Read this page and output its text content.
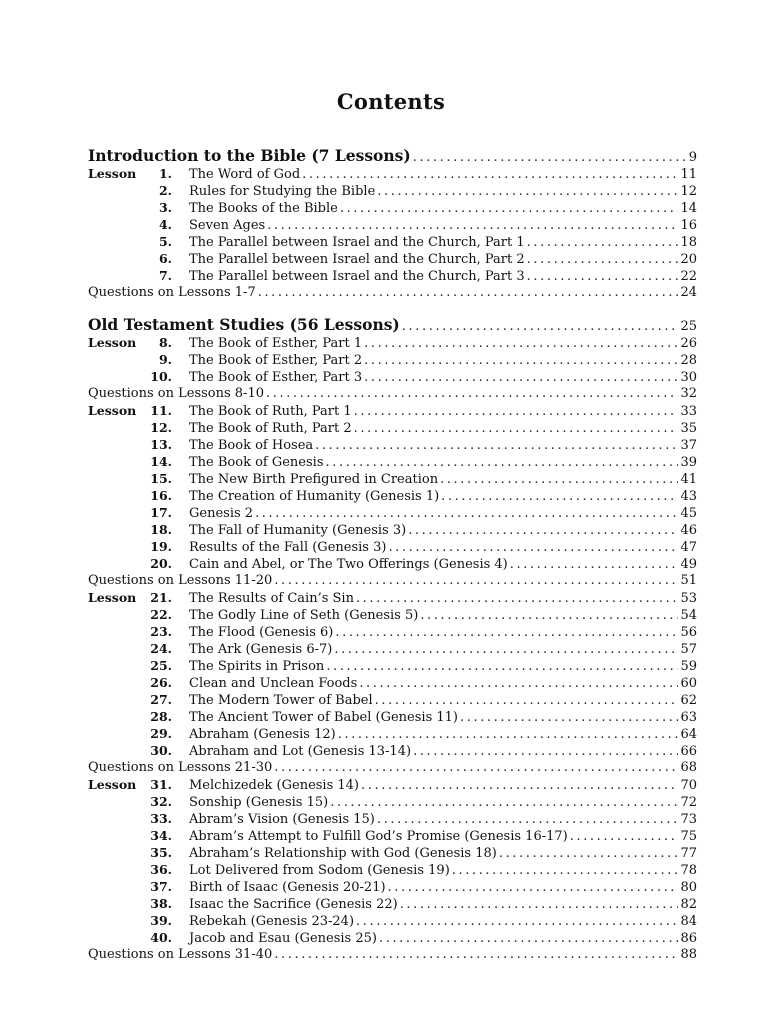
Contents
Introduction to the Bible (7 Lessons) .....	9
Lesson	1. The Word of God .....	11
2. Rules for Studying the Bible .....	12
3. The Books of the Bible .....	14
4. Seven Ages .....	16
5. The Parallel between Israel and the Church, Part 1 .....	18
6. The Parallel between Israel and the Church, Part 2 .....	20
7. The Parallel between Israel and the Church, Part 3 .....	22
Questions on Lessons 1-7 .....	24
Old Testament Studies (56 Lessons) .....	25
Lesson	8. The Book of Esther, Part 1 .....	26
9. The Book of Esther, Part 2 .....	28
10. The Book of Esther, Part 3 .....	30
Questions on Lessons 8-10 .....	32
Lesson	11. The Book of Ruth, Part 1 .....	33
12. The Book of Ruth, Part 2 .....	35
13. The Book of Hosea .....	37
14. The Book of Genesis .....	39
15. The New Birth Prefigured in Creation .....	41
16. The Creation of Humanity (Genesis 1) .....	43
17. Genesis 2 .....	45
18. The Fall of Humanity (Genesis 3) .....	46
19. Results of the Fall (Genesis 3) .....	47
20. Cain and Abel, or The Two Offerings (Genesis 4) .....	49
Questions on Lessons 11-20 .....	51
Lesson	21. The Results of Cain’s Sin .....	53
22. The Godly Line of Seth (Genesis 5) .....	54
23. The Flood (Genesis 6) .....	56
24. The Ark (Genesis 6-7) .....	57
25. The Spirits in Prison .....	59
26. Clean and Unclean Foods .....	60
27. The Modern Tower of Babel .....	62
28. The Ancient Tower of Babel (Genesis 11) .....	63
29. Abraham (Genesis 12) .....	64
30. Abraham and Lot (Genesis 13-14) .....	66
Questions on Lessons 21-30 .....	68
Lesson	31. Melchizedek (Genesis 14) .....	70
32. Sonship (Genesis 15) .....	72
33. Abram’s Vision (Genesis 15) .....	73
34. Abram’s Attempt to Fulfill God’s Promise (Genesis 16-17) .....	75
35. Abraham’s Relationship with God (Genesis 18) .....	77
36. Lot Delivered from Sodom (Genesis 19) .....	78
37. Birth of Isaac (Genesis 20-21) .....	80
38. Isaac the Sacrifice (Genesis 22) .....	82
39. Rebekah (Genesis 23-24) .....	84
40. Jacob and Esau (Genesis 25) .....	86
Questions on Lessons 31-40 .....	88
